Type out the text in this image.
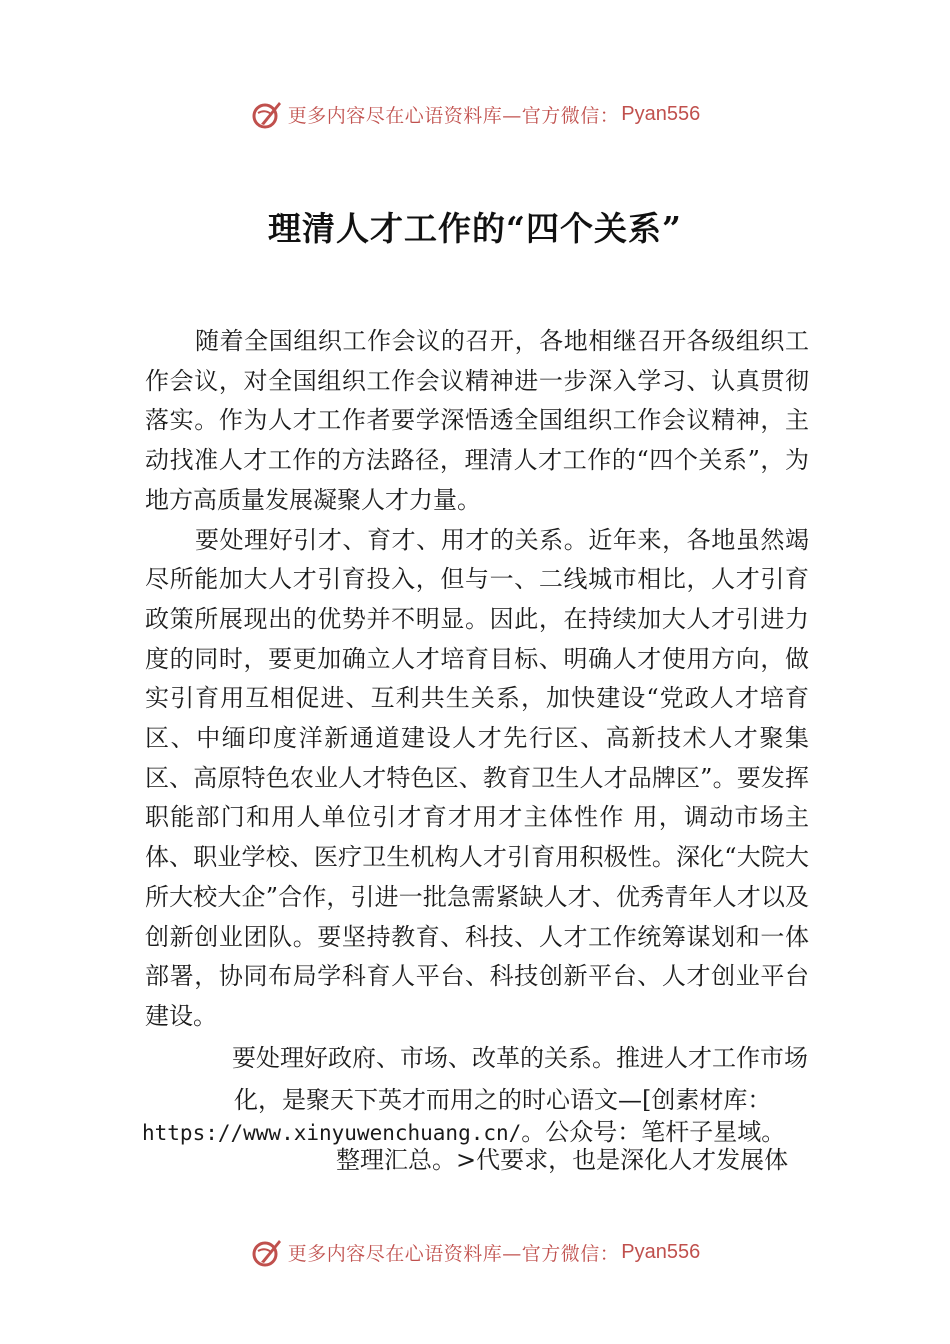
更多内容尽在心语资料库—官方微信： Pyan556
理清人才工作的“四个关系”

随着全国组织工作会议的召开，各地相继召开各级组织工作会议，对全国组织工作会议精神进一步深入学习、认真贯彻落实。作为人才工作者要学深悟透全国组织工作会议精神，主动找准人才工作的方法路径，理清人才工作的“四个关系”，为地方高质量发展凝聚人才力量。

要处理好引才、育才、用才的关系。近年来，各地虽然竭尽所能加大人才引育投入，但与一、二线城市相比，人才引育政策所展现出的优势并不明显。因此，在持续加大人才引进力度的同时，要更加确立人才培育目标、明确人才使用方向，做实引育用互相促进、互利共生关系，加快建设“党政人才培育区、中缅印度洋新通道建设人才先行区、高新技术人才聚集区、高原特色农业人才特色区、教育卫生人才品牌区”。要发挥职能部门和用人单位引才育才用才主体性作 用，调动市场主体、职业学校、医疗卫生机构人才引育用积极性。深化“大院大所大校大企”合作，引进一批急需紧缺人才、优秀青年人才以及创新创业团队。要坚持教育、科技、人才工作统筹谋划和一体部署，协同布局学科育人平台、科技创新平台、人才创业平台建设。

要处理好政府、市场、改革的关系。推进人才工作市场
化，是聚天下英才而用之的时心语文—[创素材库：
https://www.xinyuwenchuang.cn/。公众号：笔杆子星域。
整理汇总。>代要求，也是深化人才发展体
更多内容尽在心语资料库—官方微信： Pyan556
